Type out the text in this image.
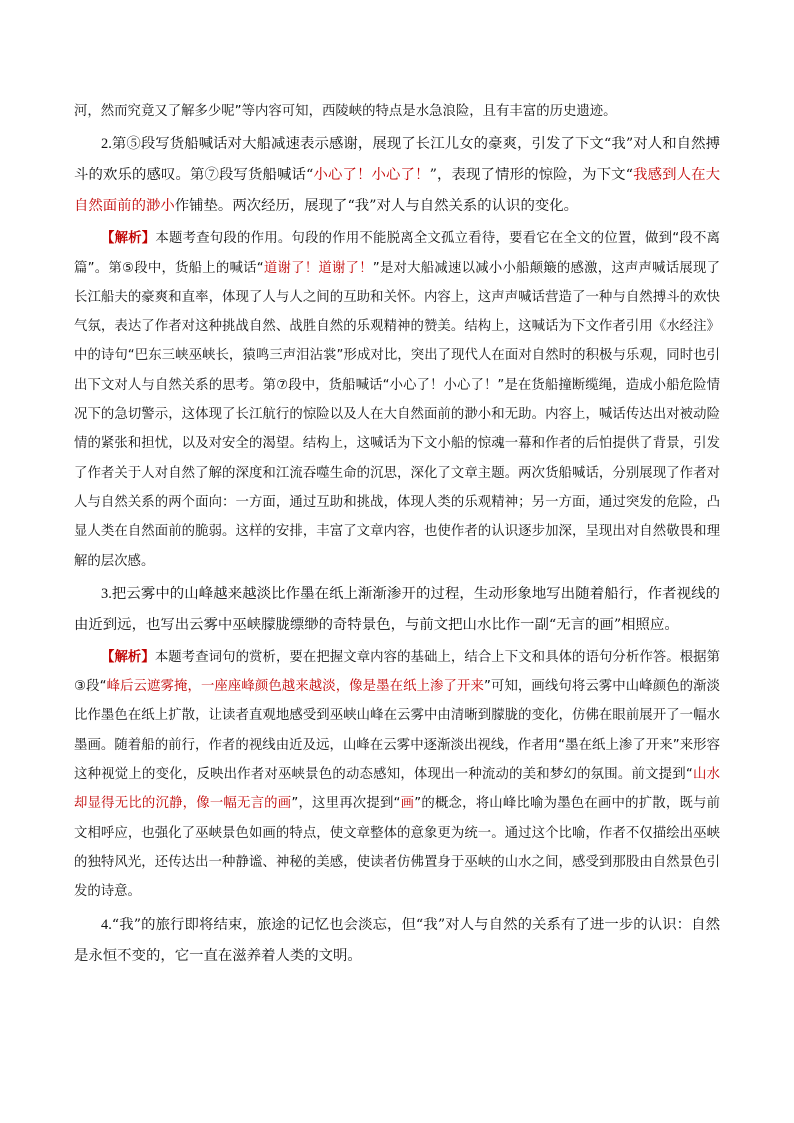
河，然而究竟又了解多少呢”等内容可知，西陵峡的特点是水急浪险，且有丰富的历史遗迹。

2.第⑤段写货船喊话对大船减速表示感谢，展现了长江儿女的豪爽，引发了下文“我”对人和自然搏斗的欢乐的感叹。第⑦段写货船喊话“小心了！小心了！”，表现了情形的惊险，为下文“我感到人在大自然面前的渺小作铺垫。两次经历，展现了“我”对人与自然关系的认识的变化。

【解析】本题考查句段的作用。句段的作用不能脱离全文孤立看待，要看它在全文的位置，做到“段不离篇”。第⑤段中，货船上的喊话“道谢了！道谢了！”是对大船减速以减小小船颠簸的感激，这声声喊话展现了长江船夫的豪爽和直率，体现了人与人之间的互助和关怀。内容上，这声声喊话营造了一种与自然搏斗的欢快气氛，表达了作者对这种挑战自然、战胜自然的乐观精神的赞美。结构上，这喊话为下文作者引用《水经注》中的诗句“巴东三峡巫峡长，猿鸣三声泪沾裳”形成对比，突出了现代人在面对自然时的积极与乐观，同时也引出下文对人与自然关系的思考。第⑦段中，货船喊话“小心了！小心了！”是在货船撞断缆绳，造成小船危险情况下的急切警示，这体现了长江航行的惊险以及人在大自然面前的渺小和无助。内容上，喊话传达出对被动险情的紧张和担忧，以及对安全的渴望。结构上，这喊话为下文小船的惊魂一幕和作者的后怕提供了背景，引发了作者关于人对自然了解的深度和江流吞噬生命的沉思，深化了文章主题。两次货船喊话，分别展现了作者对人与自然关系的两个面向：一方面，通过互助和挑战，体现人类的乐观精神；另一方面，通过突发的危险，凸显人类在自然面前的脆弱。这样的安排，丰富了文章内容，也使作者的认识逐步加深，呈现出对自然敬畏和理解的层次感。

3.把云雾中的山峰越来越淡比作墨在纸上渐渐渗开的过程，生动形象地写出随着船行，作者视线的由近到远，也写出云雾中巫峡朦胧缥缈的奇特景色，与前文把山水比作一副“无言的画”相照应。

【解析】本题考查词句的赏析，要在把握文章内容的基础上，结合上下文和具体的语句分析作答。根据第③段“峰后云遮雾掩，一座座峰颜色越来越淡，像是墨在纸上渗了开来”可知，画线句将云雾中山峰颜色的渐淡比作墨色在纸上扩散，让读者直观地感受到巫峡山峰在云雾中由清晰到朦胧的变化，仿佛在眼前展开了一幅水墨画。随着船的前行，作者的视线由近及远，山峰在云雾中逐渐淡出视线，作者用“墨在纸上渗了开来”来形容这种视觉上的变化，反映出作者对巫峡景色的动态感知，体现出一种流动的美和梦幻的氛围。前文提到“山水却显得无比的沉静，像一幅无言的画”，这里再次提到“画”的概念，将山峰比喻为墨色在画中的扩散，既与前文相呼应，也强化了巫峡景色如画的特点，使文章整体的意象更为统一。通过这个比喻，作者不仅描绘出巫峡的独特风光，还传达出一种静谧、神秘的美感，使读者仿佛置身于巫峡的山水之间，感受到那股由自然景色引发的诗意。

4.“我”的旅行即将结束，旅途的记忆也会淡忘，但“我”对人与自然的关系有了进一步的认识：自然是永恒不变的，它一直在滋养着人类的文明。
